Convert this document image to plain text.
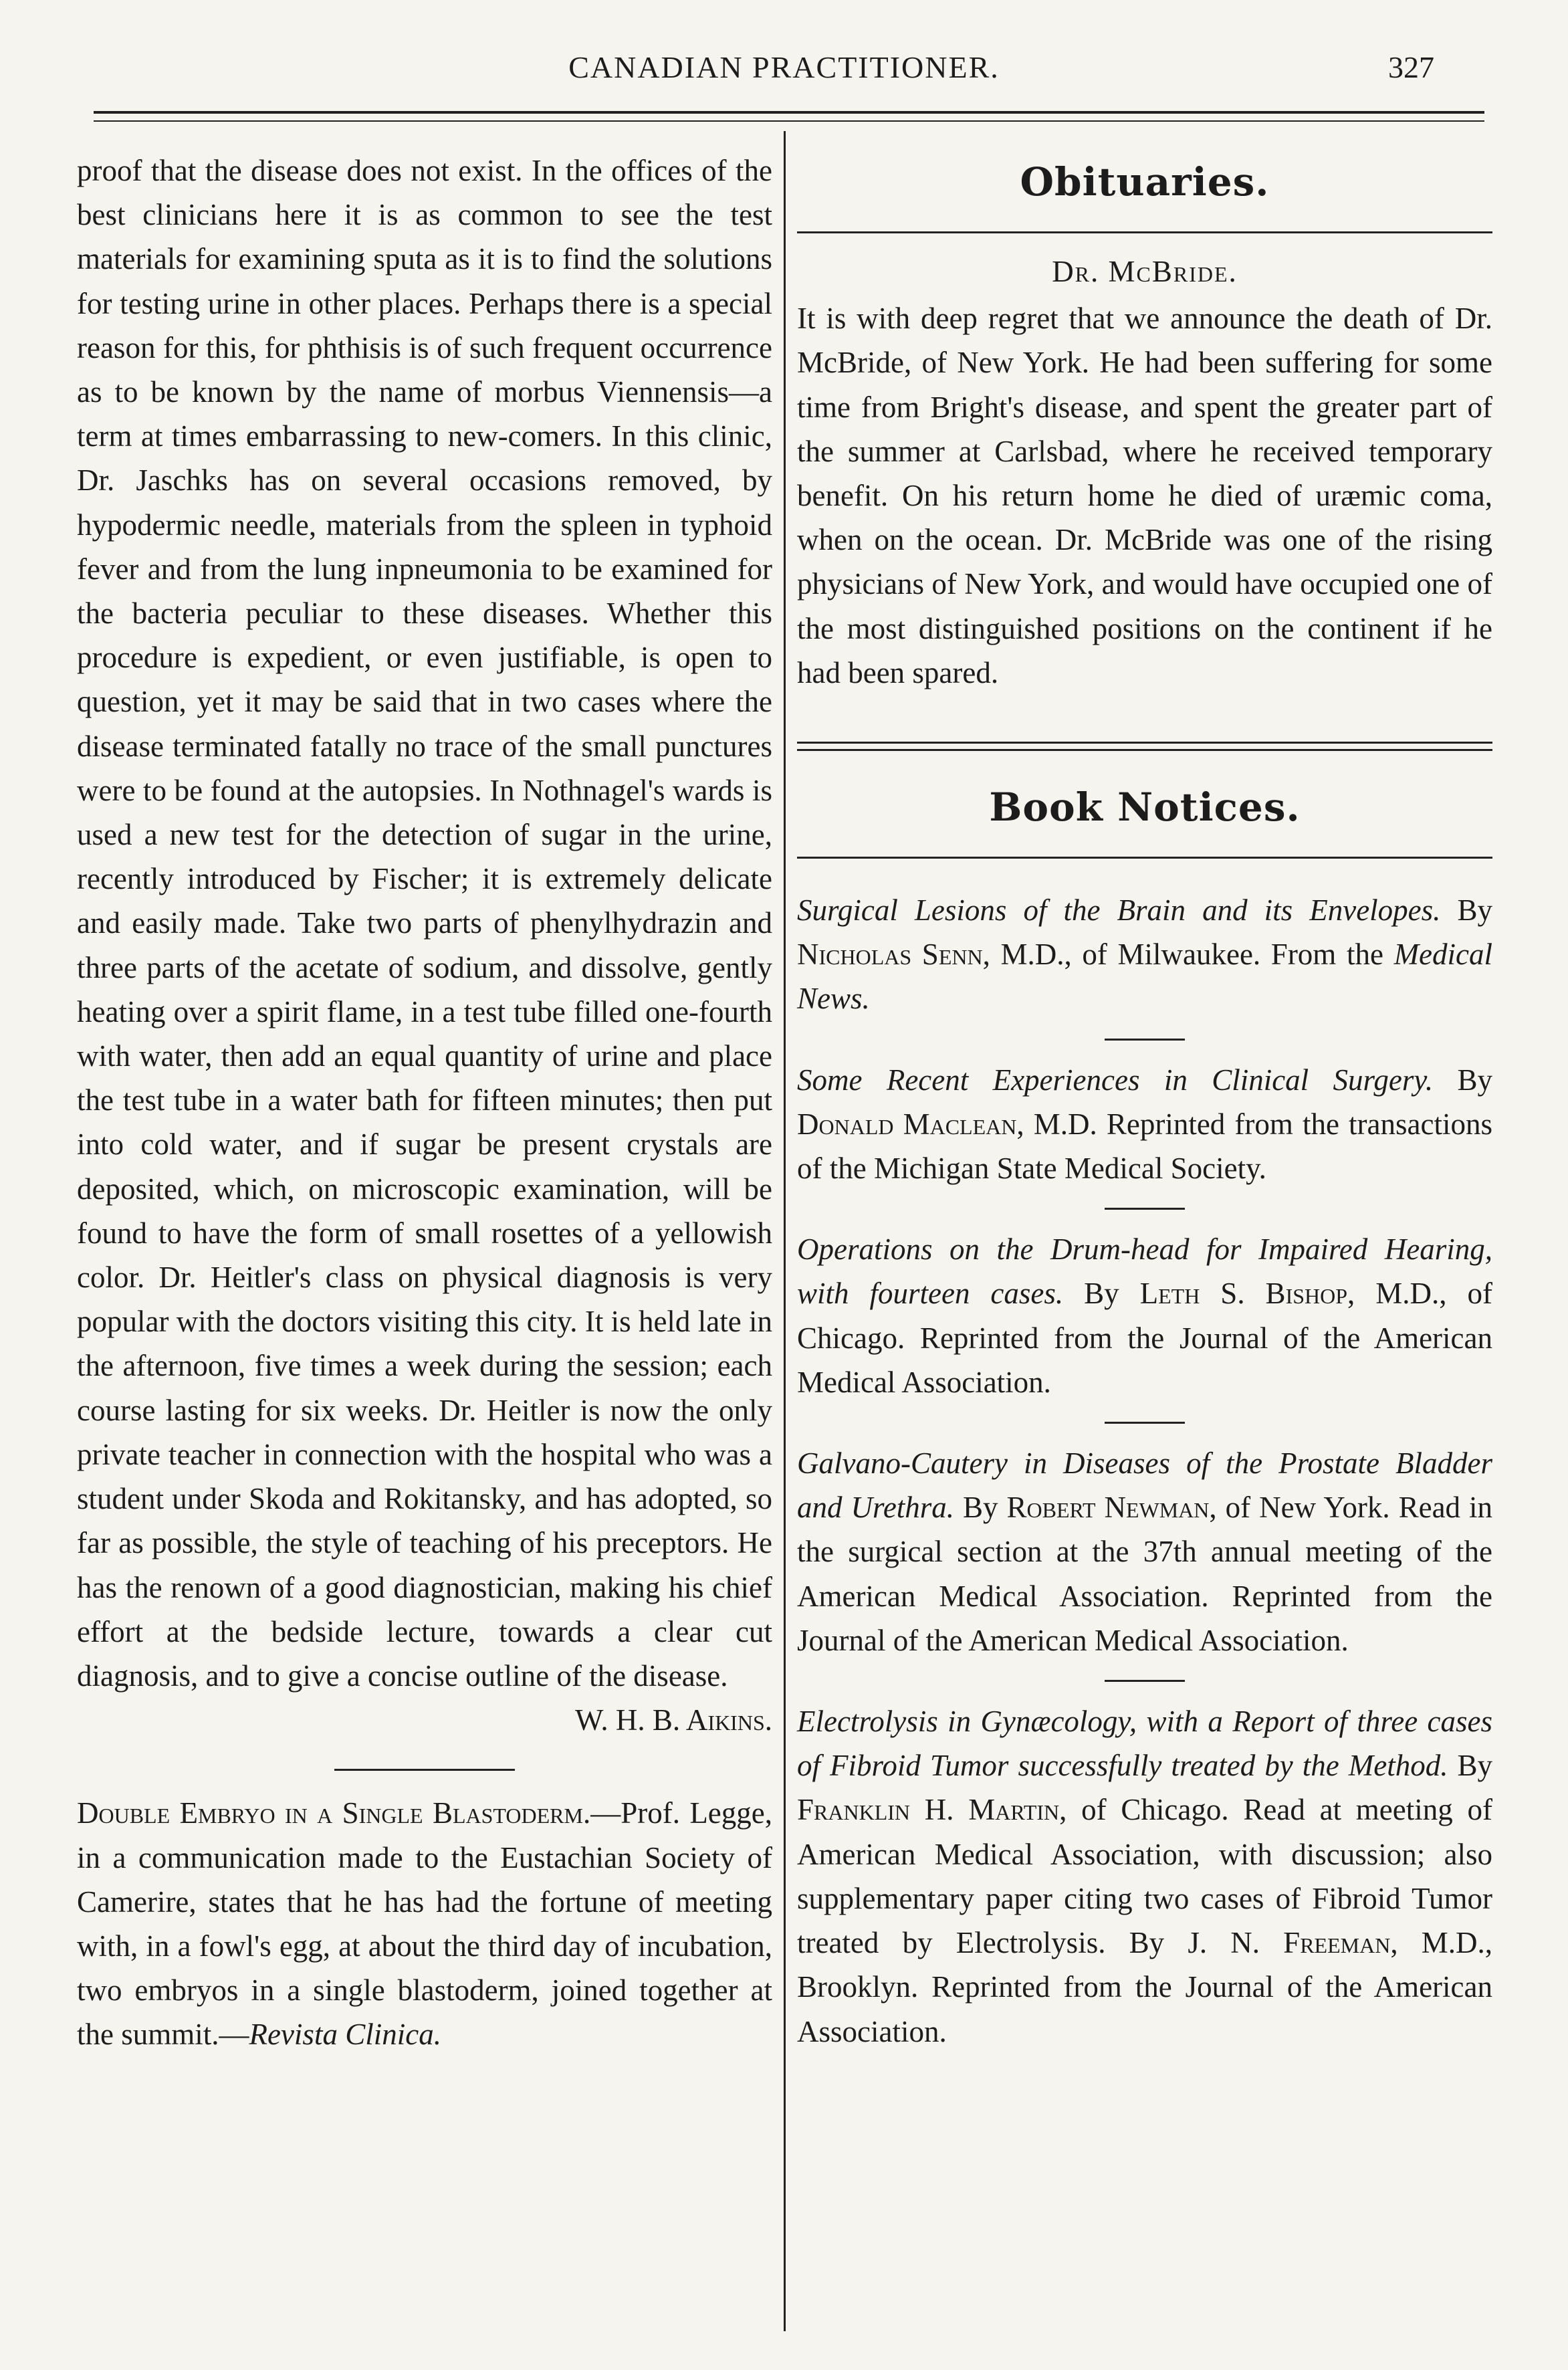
CANADIAN PRACTITIONER.	327

proof that the disease does not exist. In the offices of the best clinicians here it is as common to see the test materials for examining sputa as it is to find the solutions for testing urine in other places. Perhaps there is a special reason for this, for phthisis is of such frequent occurrence as to be known by the name of morbus Viennensis—a term at times embarrassing to new-comers. In this clinic, Dr. Jaschks has on several occasions removed, by hypodermic needle, materials from the spleen in typhoid fever and from the lung inpneumonia to be examined for the bacteria peculiar to these diseases. Whether this procedure is expedient, or even justifiable, is open to question, yet it may be said that in two cases where the disease terminated fatally no trace of the small punctures were to be found at the autopsies. In Nothnagel's wards is used a new test for the detection of sugar in the urine, recently introduced by Fischer; it is extremely delicate and easily made. Take two parts of phenylhydrazin and three parts of the acetate of sodium, and dissolve, gently heating over a spirit flame, in a test tube filled one-fourth with water, then add an equal quantity of urine and place the test tube in a water bath for fifteen minutes; then put into cold water, and if sugar be present crystals are deposited, which, on microscopic examination, will be found to have the form of small rosettes of a yellowish color. Dr. Heitler's class on physical diagnosis is very popular with the doctors visiting this city. It is held late in the afternoon, five times a week during the session; each course lasting for six weeks. Dr. Heitler is now the only private teacher in connection with the hospital who was a student under Skoda and Rokitansky, and has adopted, so far as possible, the style of teaching of his preceptors. He has the renown of a good diagnostician, making his chief effort at the bedside lecture, towards a clear cut diagnosis, and to give a concise outline of the disease.

W. H. B. Aikins.

Double Embryo in a Single Blastoderm.—Prof. Legge, in a communication made to the Eustachian Society of Camerire, states that he has had the fortune of meeting with, in a fowl's egg, at about the third day of incubation, two embryos in a single blastoderm, joined together at the summit.—Revista Clinica.

Obituaries.
Dr. McBride.

It is with deep regret that we announce the death of Dr. McBride, of New York. He had been suffering for some time from Bright's disease, and spent the greater part of the summer at Carlsbad, where he received temporary benefit. On his return home he died of uræmic coma, when on the ocean. Dr. McBride was one of the rising physicians of New York, and would have occupied one of the most distinguished positions on the continent if he had been spared.

Book Notices.

Surgical Lesions of the Brain and its Envelopes. By Nicholas Senn, M.D., of Milwaukee. From the Medical News.

Some Recent Experiences in Clinical Surgery. By Donald Maclean, M.D. Reprinted from the transactions of the Michigan State Medical Society.

Operations on the Drum-head for Impaired Hearing, with fourteen cases. By Leth S. Bishop, M.D., of Chicago. Reprinted from the Journal of the American Medical Association.

Galvano-Cautery in Diseases of the Prostate Bladder and Urethra. By Robert Newman, of New York. Read in the surgical section at the 37th annual meeting of the American Medical Association. Reprinted from the Journal of the American Medical Association.

Electrolysis in Gynæcology, with a Report of three cases of Fibroid Tumor successfully treated by the Method. By Franklin H. Martin, of Chicago. Read at meeting of American Medical Association, with discussion; also supplementary paper citing two cases of Fibroid Tumor treated by Electrolysis. By J. N. Freeman, M.D., Brooklyn. Reprinted from the Journal of the American Association.
